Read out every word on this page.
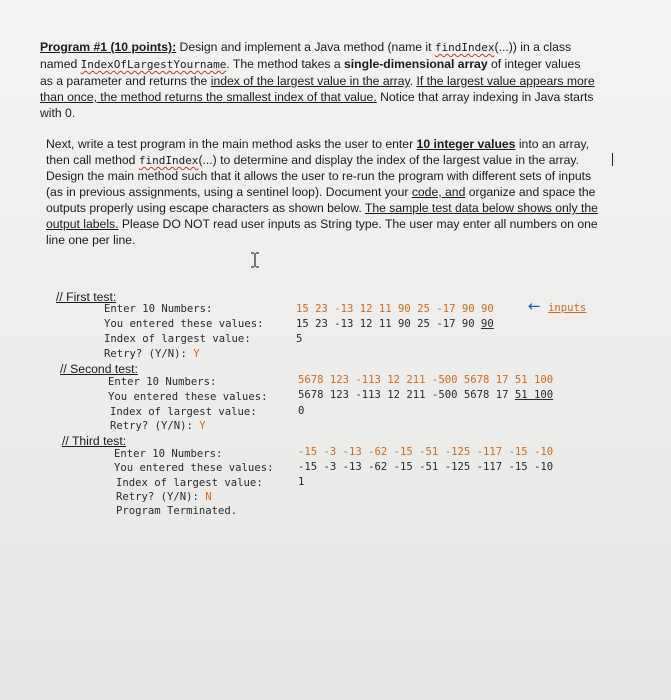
Program #1 (10 points): Design and implement a Java method (name it findIndex(...)) in a class
named IndexOfLargestYourname. The method takes a single-dimensional array of integer values
as a parameter and returns the index of the largest value in the array. If the largest value appears more
than once, the method returns the smallest index of that value. Notice that array indexing in Java starts
with 0.
Next, write a test program in the main method asks the user to enter 10 integer values into an array,
then call method findIndex(...) to determine and display the index of the largest value in the array.
Design the main method such that it allows the user to re-run the program with different sets of inputs
(as in previous assignments, using a sentinel loop). Document your code, and organize and space the
outputs properly using escape characters as shown below. The sample test data below shows only the
output labels. Please DO NOT read user inputs as String type. The user may enter all numbers on one
line one per line.
// First test:
Enter 10 Numbers:	15 23 -13 12 11 90 25 -17 90 90 ← inputs
You entered these values:	15 23 -13 12 11 90 25 -17 90 90
Index of largest value:	5
Retry? (Y/N): Y
// Second test:
Enter 10 Numbers:	5678 123 -113 12 211 -500 5678 17 51 100
You entered these values:	5678 123 -113 12 211 -500 5678 17 51 100
Index of largest value:	0
Retry? (Y/N): Y
// Third test:
Enter 10 Numbers:	-15 -3 -13 -62 -15 -51 -125 -117 -15 -10
You entered these values: -15 -3 -13 -62 -15 -51 -125 -117 -15 -10
Index of largest value:	1
Retry? (Y/N): N
Program Terminated.
